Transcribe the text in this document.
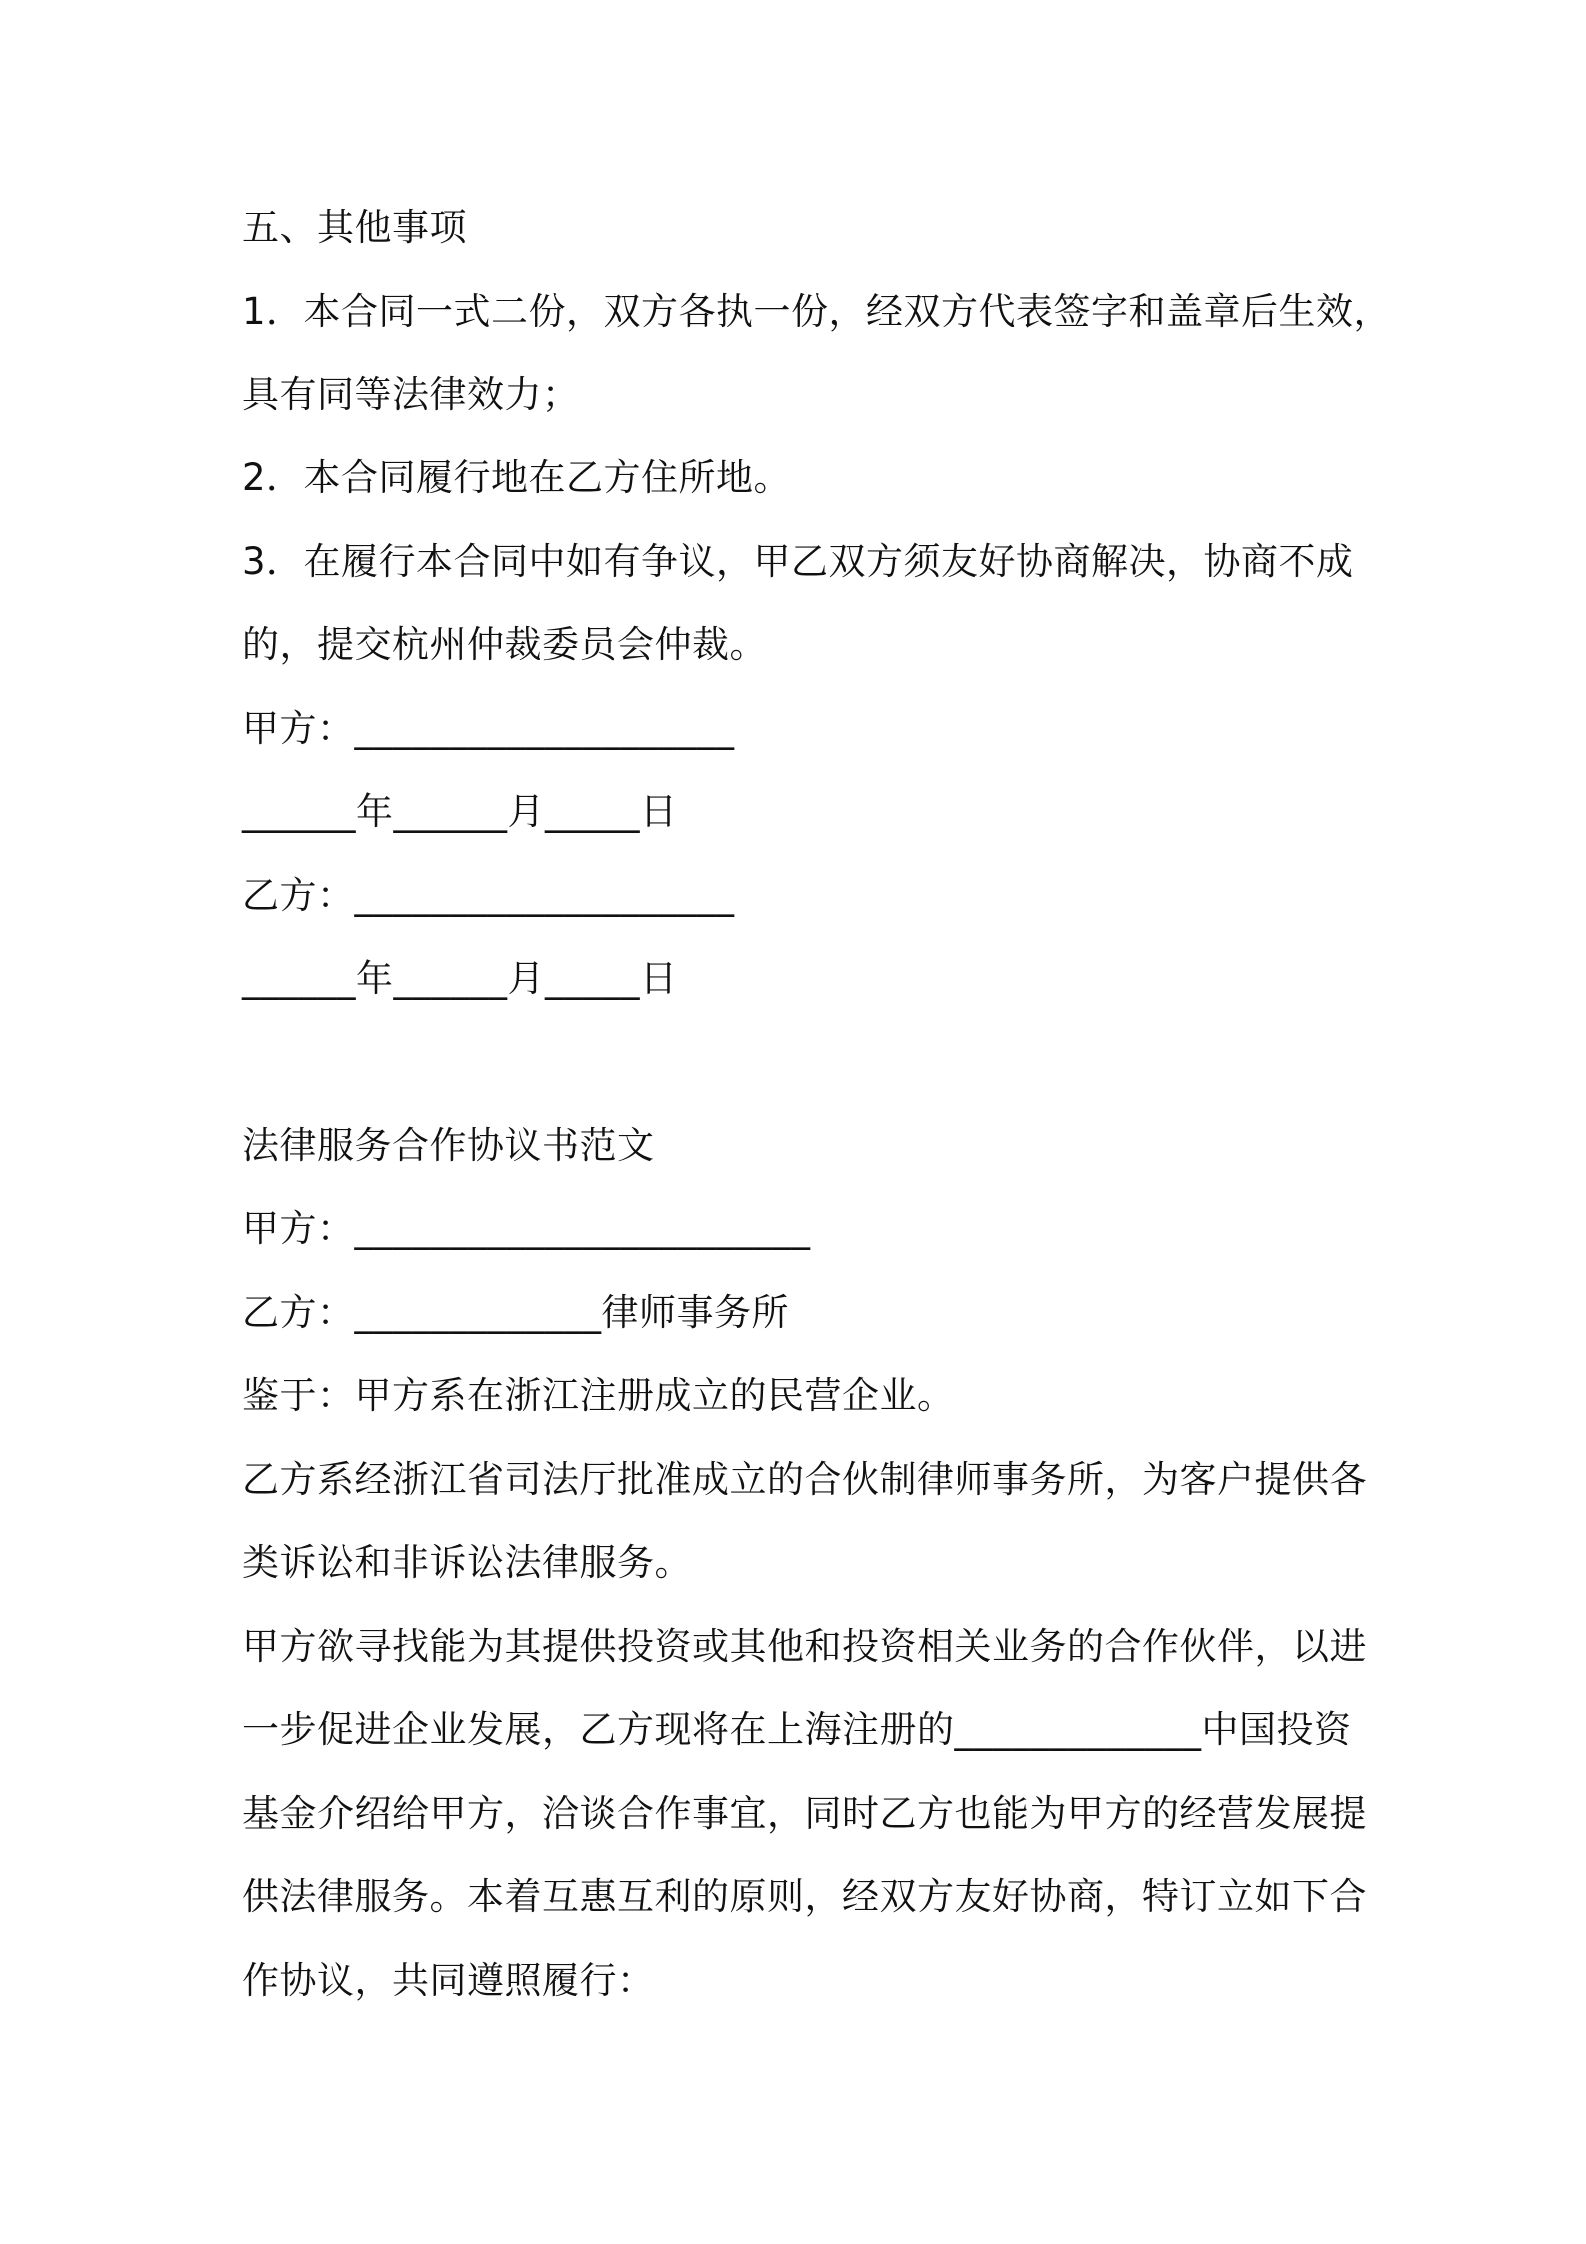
五、其他事项
1．本合同一式二份，双方各执一份，经双方代表签字和盖章后生效，
具有同等法律效力；
2．本合同履行地在乙方住所地。
3．在履行本合同中如有争议，甲乙双方须友好协商解决，协商不成
的，提交杭州仲裁委员会仲裁。
甲方：____________________
______年______月_____日
乙方：____________________
______年______月_____日
法律服务合作协议书范文
甲方：________________________
乙方：_____________律师事务所
鉴于：甲方系在浙江注册成立的民营企业。
乙方系经浙江省司法厅批准成立的合伙制律师事务所，为客户提供各
类诉讼和非诉讼法律服务。
甲方欲寻找能为其提供投资或其他和投资相关业务的合作伙伴，以进
一步促进企业发展，乙方现将在上海注册的_____________中国投资
基金介绍给甲方，洽谈合作事宜，同时乙方也能为甲方的经营发展提
供法律服务。本着互惠互利的原则，经双方友好协商，特订立如下合
作协议，共同遵照履行：
